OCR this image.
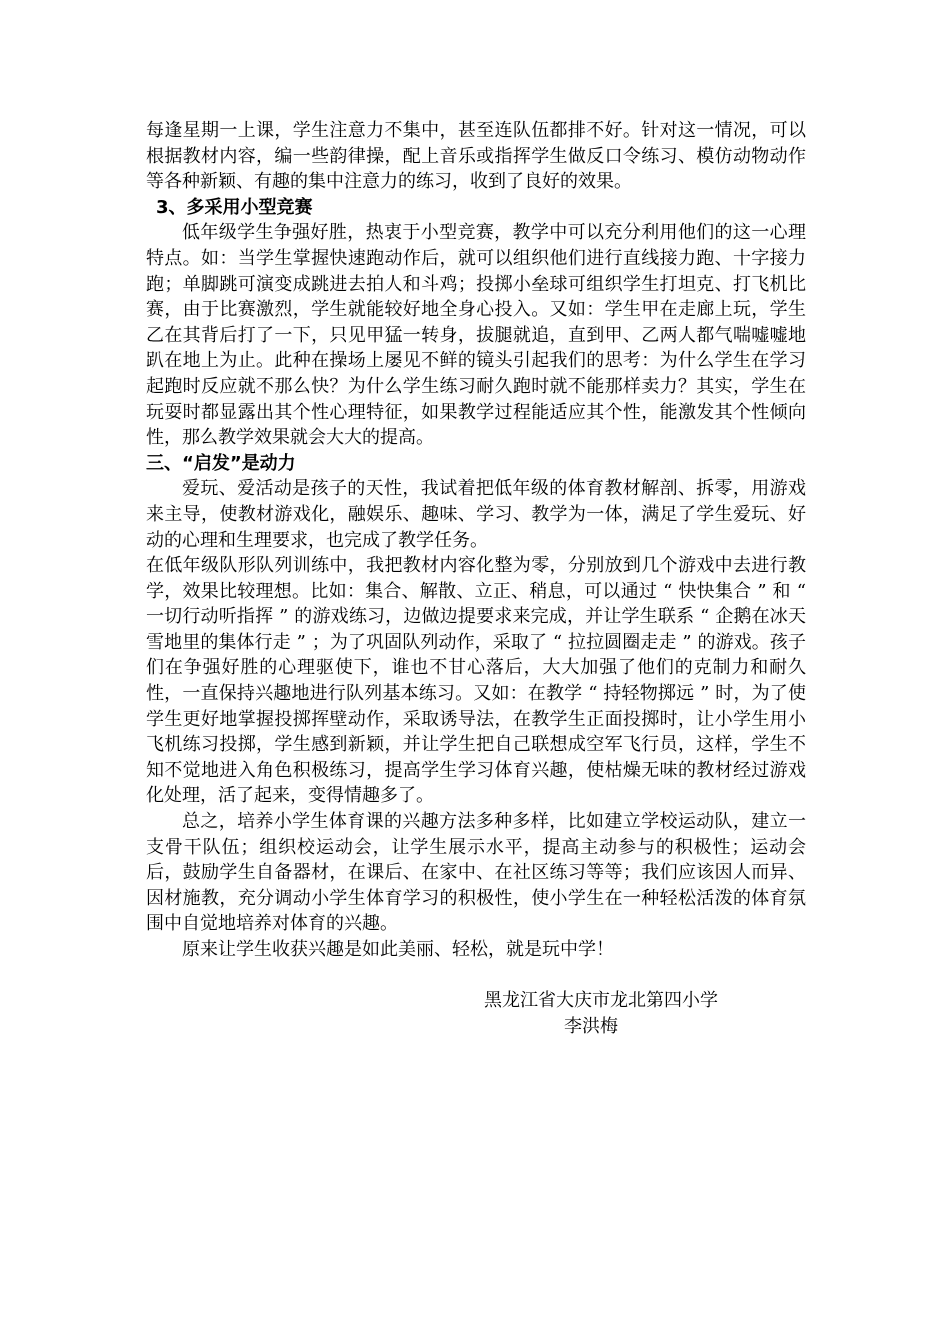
每逢星期一上课，学生注意力不集中，甚至连队伍都排不好。针对这一情况，可以根据教材内容，编一些韵律操，配上音乐或指挥学生做反口令练习、模仿动物动作等各种新颖、有趣的集中注意力的练习，收到了良好的效果。

3、多采用小型竞赛

低年级学生争强好胜，热衷于小型竞赛，教学中可以充分利用他们的这一心理特点。如：当学生掌握快速跑动作后，就可以组织他们进行直线接力跑、十字接力跑；单脚跳可演变成跳进去拍人和斗鸡；投掷小垒球可组织学生打坦克、打飞机比赛，由于比赛激烈，学生就能较好地全身心投入。又如：学生甲在走廊上玩，学生乙在其背后打了一下，只见甲猛一转身，拔腿就追，直到甲、乙两人都气喘嘘嘘地趴在地上为止。此种在操场上屡见不鲜的镜头引起我们的思考：为什么学生在学习起跑时反应就不那么快？为什么学生练习耐久跑时就不能那样卖力？其实，学生在玩耍时都显露出其个性心理特征，如果教学过程能适应其个性，能激发其个性倾向性，那么教学效果就会大大的提高。

三、“启发”是动力

爱玩、爱活动是孩子的天性，我试着把低年级的体育教材解剖、拆零，用游戏来主导，使教材游戏化，融娱乐、趣味、学习、教学为一体，满足了学生爱玩、好动的心理和生理要求，也完成了教学任务。

在低年级队形队列训练中，我把教材内容化整为零，分别放到几个游戏中去进行教学，效果比较理想。比如：集合、解散、立正、稍息，可以通过 “ 快快集合 ” 和 “ 一切行动听指挥 ” 的游戏练习，边做边提要求来完成，并让学生联系 “ 企鹅在冰天雪地里的集体行走 ” ；为了巩固队列动作，采取了 “ 拉拉圆圈走走 ” 的游戏。孩子们在争强好胜的心理驱使下，谁也不甘心落后，大大加强了他们的克制力和耐久性，一直保持兴趣地进行队列基本练习。又如：在教学 “ 持轻物掷远 ” 时，为了使学生更好地掌握投掷挥壁动作，采取诱导法，在教学生正面投掷时，让小学生用小飞机练习投掷，学生感到新颖，并让学生把自己联想成空军飞行员，这样，学生不知不觉地进入角色积极练习，提高学生学习体育兴趣，使枯燥无味的教材经过游戏化处理，活了起来，变得情趣多了。

总之，培养小学生体育课的兴趣方法多种多样，比如建立学校运动队，建立一支骨干队伍；组织校运动会，让学生展示水平，提高主动参与的积极性；运动会后，鼓励学生自备器材，在课后、在家中、在社区练习等等；我们应该因人而异、因材施教，充分调动小学生体育学习的积极性，使小学生在一种轻松活泼的体育氛围中自觉地培养对体育的兴趣。

原来让学生收获兴趣是如此美丽、轻松，就是玩中学！

黑龙江省大庆市龙北第四小学
李洪梅
